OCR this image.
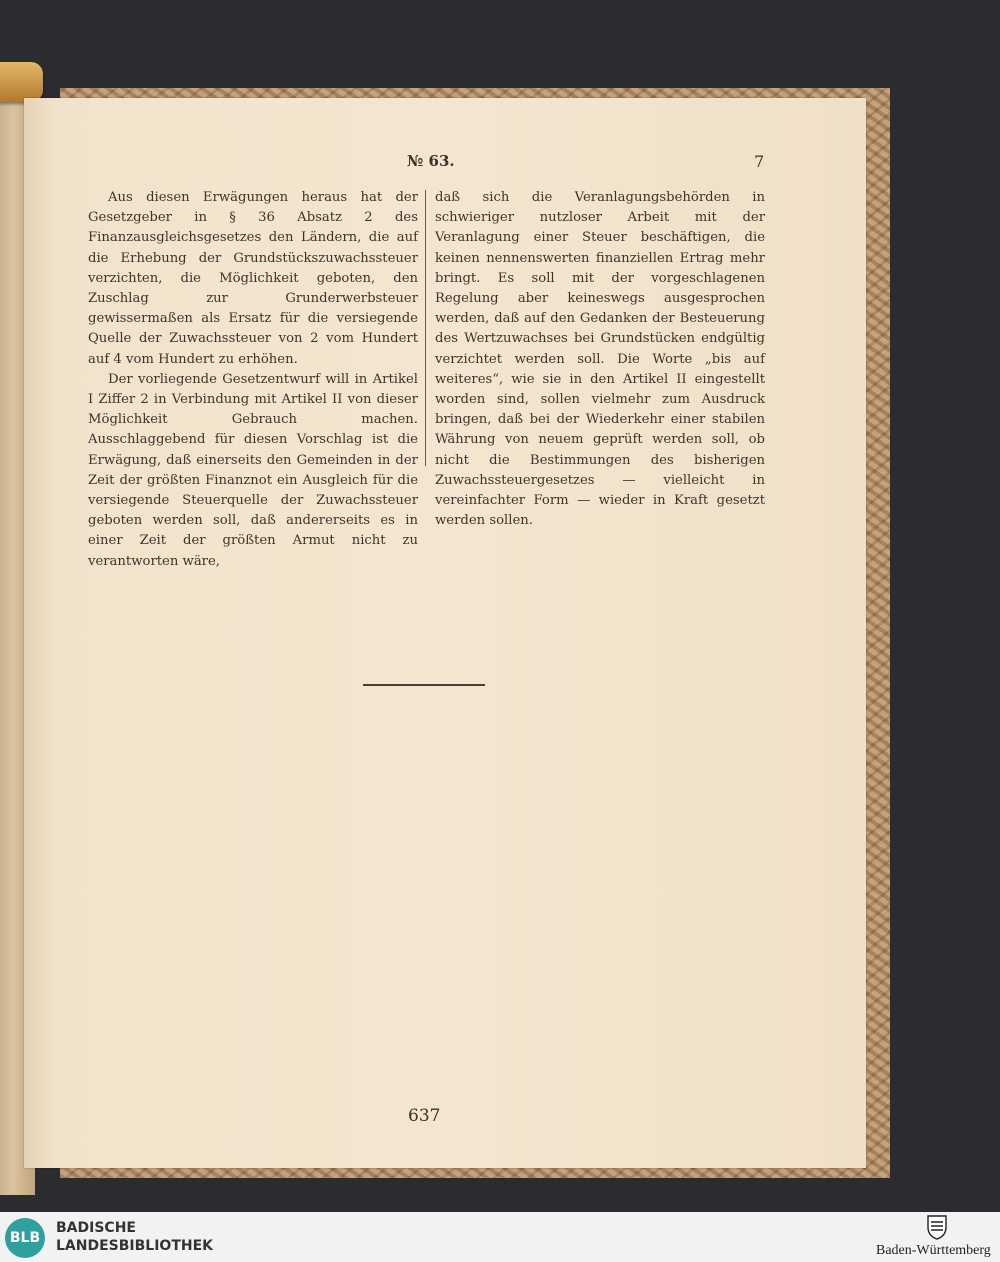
№ 63.	7

Aus diesen Erwägungen heraus hat der Gesetzgeber in § 36 Absatz 2 des Finanzausgleichsgesetzes den Ländern, die auf die Erhebung der Grundstückszuwachssteuer verzichten, die Möglichkeit geboten, den Zuschlag zur Grunderwerbsteuer gewissermaßen als Ersatz für die versiegende Quelle der Zuwachssteuer von 2 vom Hundert auf 4 vom Hundert zu erhöhen.

Der vorliegende Gesetzentwurf will in Artikel I Ziffer 2 in Verbindung mit Artikel II von dieser Möglichkeit Gebrauch machen. Ausschlaggebend für diesen Vorschlag ist die Erwägung, daß einerseits den Gemeinden in der Zeit der größten Finanznot ein Ausgleich für die versiegende Steuerquelle der Zuwachssteuer geboten werden soll, daß andererseits es in einer Zeit der größten Armut nicht zu verantworten wäre,

daß sich die Veranlagungsbehörden in schwieriger nutzloser Arbeit mit der Veranlagung einer Steuer beschäftigen, die keinen nennenswerten finanziellen Ertrag mehr bringt. Es soll mit der vorgeschlagenen Regelung aber keineswegs ausgesprochen werden, daß auf den Gedanken der Besteuerung des Wertzuwachses bei Grundstücken endgültig verzichtet werden soll. Die Worte „bis auf weiteres“, wie sie in den Artikel II eingestellt worden sind, sollen vielmehr zum Ausdruck bringen, daß bei der Wiederkehr einer stabilen Währung von neuem geprüft werden soll, ob nicht die Bestimmungen des bisherigen Zuwachssteuergesetzes — vielleicht in vereinfachter Form — wieder in Kraft gesetzt werden sollen.

637
BLB
BADISCHE
LANDESBIBLIOTHEK	Baden-Württemberg
